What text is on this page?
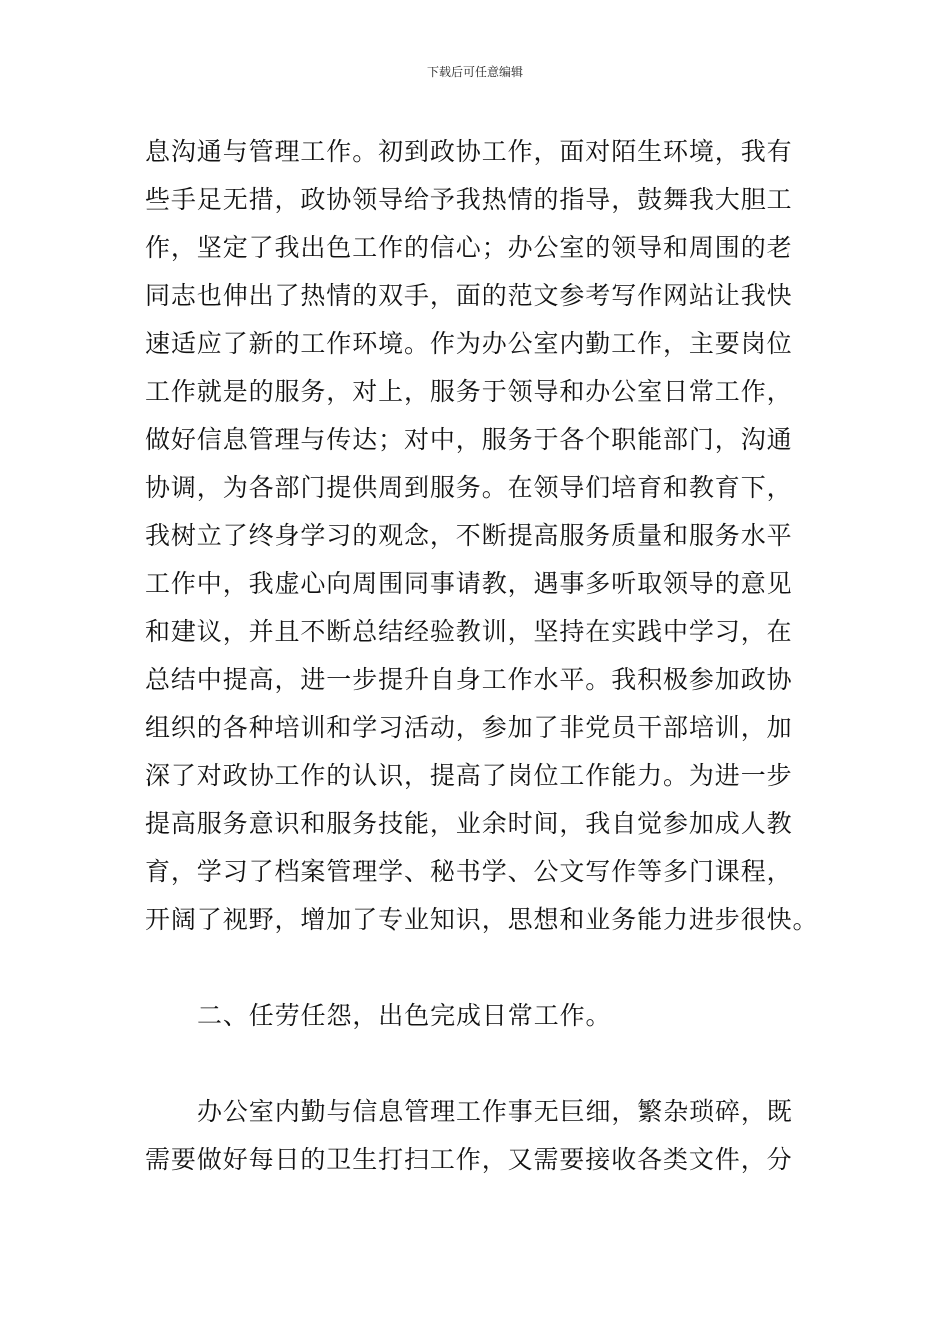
下载后可任意编辑
息沟通与管理工作。初到政协工作，面对陌生环境，我有
些手足无措，政协领导给予我热情的指导，鼓舞我大胆工
作，坚定了我出色工作的信心；办公室的领导和周围的老
同志也伸出了热情的双手，面的范文参考写作网站让我快
速适应了新的工作环境。作为办公室内勤工作，主要岗位
工作就是的服务，对上，服务于领导和办公室日常工作，
做好信息管理与传达；对中，服务于各个职能部门，沟通
协调，为各部门提供周到服务。在领导们培育和教育下，
我树立了终身学习的观念，不断提高服务质量和服务水平
工作中，我虚心向周围同事请教，遇事多听取领导的意见
和建议，并且不断总结经验教训，坚持在实践中学习，在
总结中提高，进一步提升自身工作水平。我积极参加政协
组织的各种培训和学习活动，参加了非党员干部培训，加
深了对政协工作的认识，提高了岗位工作能力。为进一步
提高服务意识和服务技能，业余时间，我自觉参加成人教
育，学习了档案管理学、秘书学、公文写作等多门课程，
开阔了视野，增加了专业知识，思想和业务能力进步很快。
二、任劳任怨，出色完成日常工作。
办公室内勤与信息管理工作事无巨细，繁杂琐碎，既
需要做好每日的卫生打扫工作，又需要接收各类文件，分
